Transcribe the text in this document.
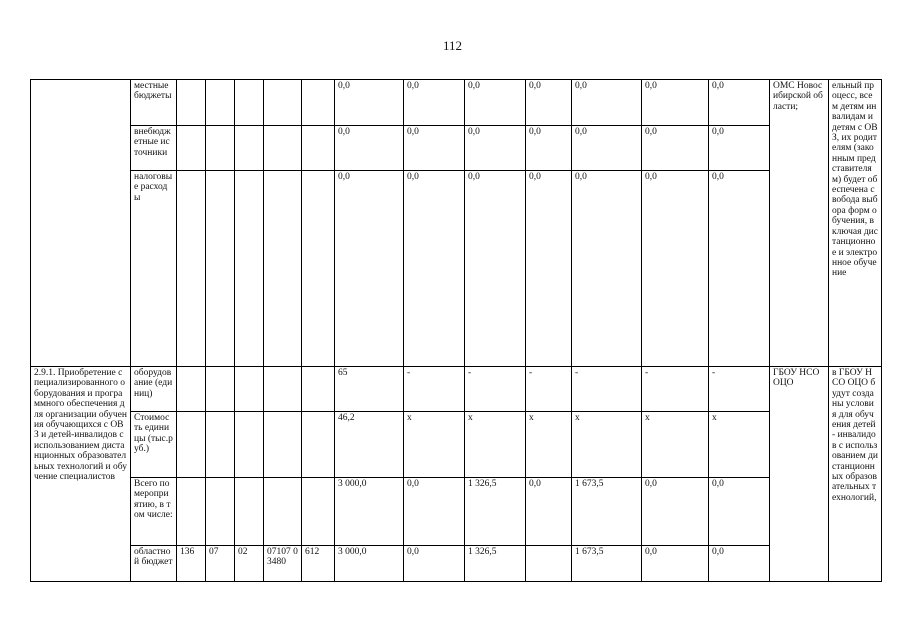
112
	местные бюджеты						0,0	0,0	0,0	0,0	0,0	0,0	0,0	ОМС Новосибирской области;	ельный процесс, всем детям инвалидам и детям с ОВЗ, их родителям (законным представителям) будет обеспечена свобода выбора форм обучения, включая дистанционное и электронное обучение
	внебюджетные источники						0,0	0,0	0,0	0,0	0,0	0,0	0,0		
	налоговые расходы						0,0	0,0	0,0	0,0	0,0	0,0	0,0		
2.9.1. Приобретение специализированного оборудования и программного обеспечения для организации обучения обучающихся с ОВЗ и детей-инвалидов с использованием дистанционных образовательных технологий и обучение специалистов	оборудование (единиц)						65	-	-	-	-	-	-	ГБОУ НСО ОЦО	в ГБОУ НСО ОЦО будут созданы условия для обучения детей - инвалидов с использованием дистанционных образовательных технологий,
	Стоимость единицы (тыс.руб.)						46,2	x	x	x	x	x	x		
	Всего по мероприятию, в том числе:						3 000,0	0,0	1 326,5	0,0	1 673,5	0,0	0,0		
	областной бюджет	136	07	02	07107 03480	612	3 000,0	0,0	1 326,5		1 673,5	0,0	0,0		
